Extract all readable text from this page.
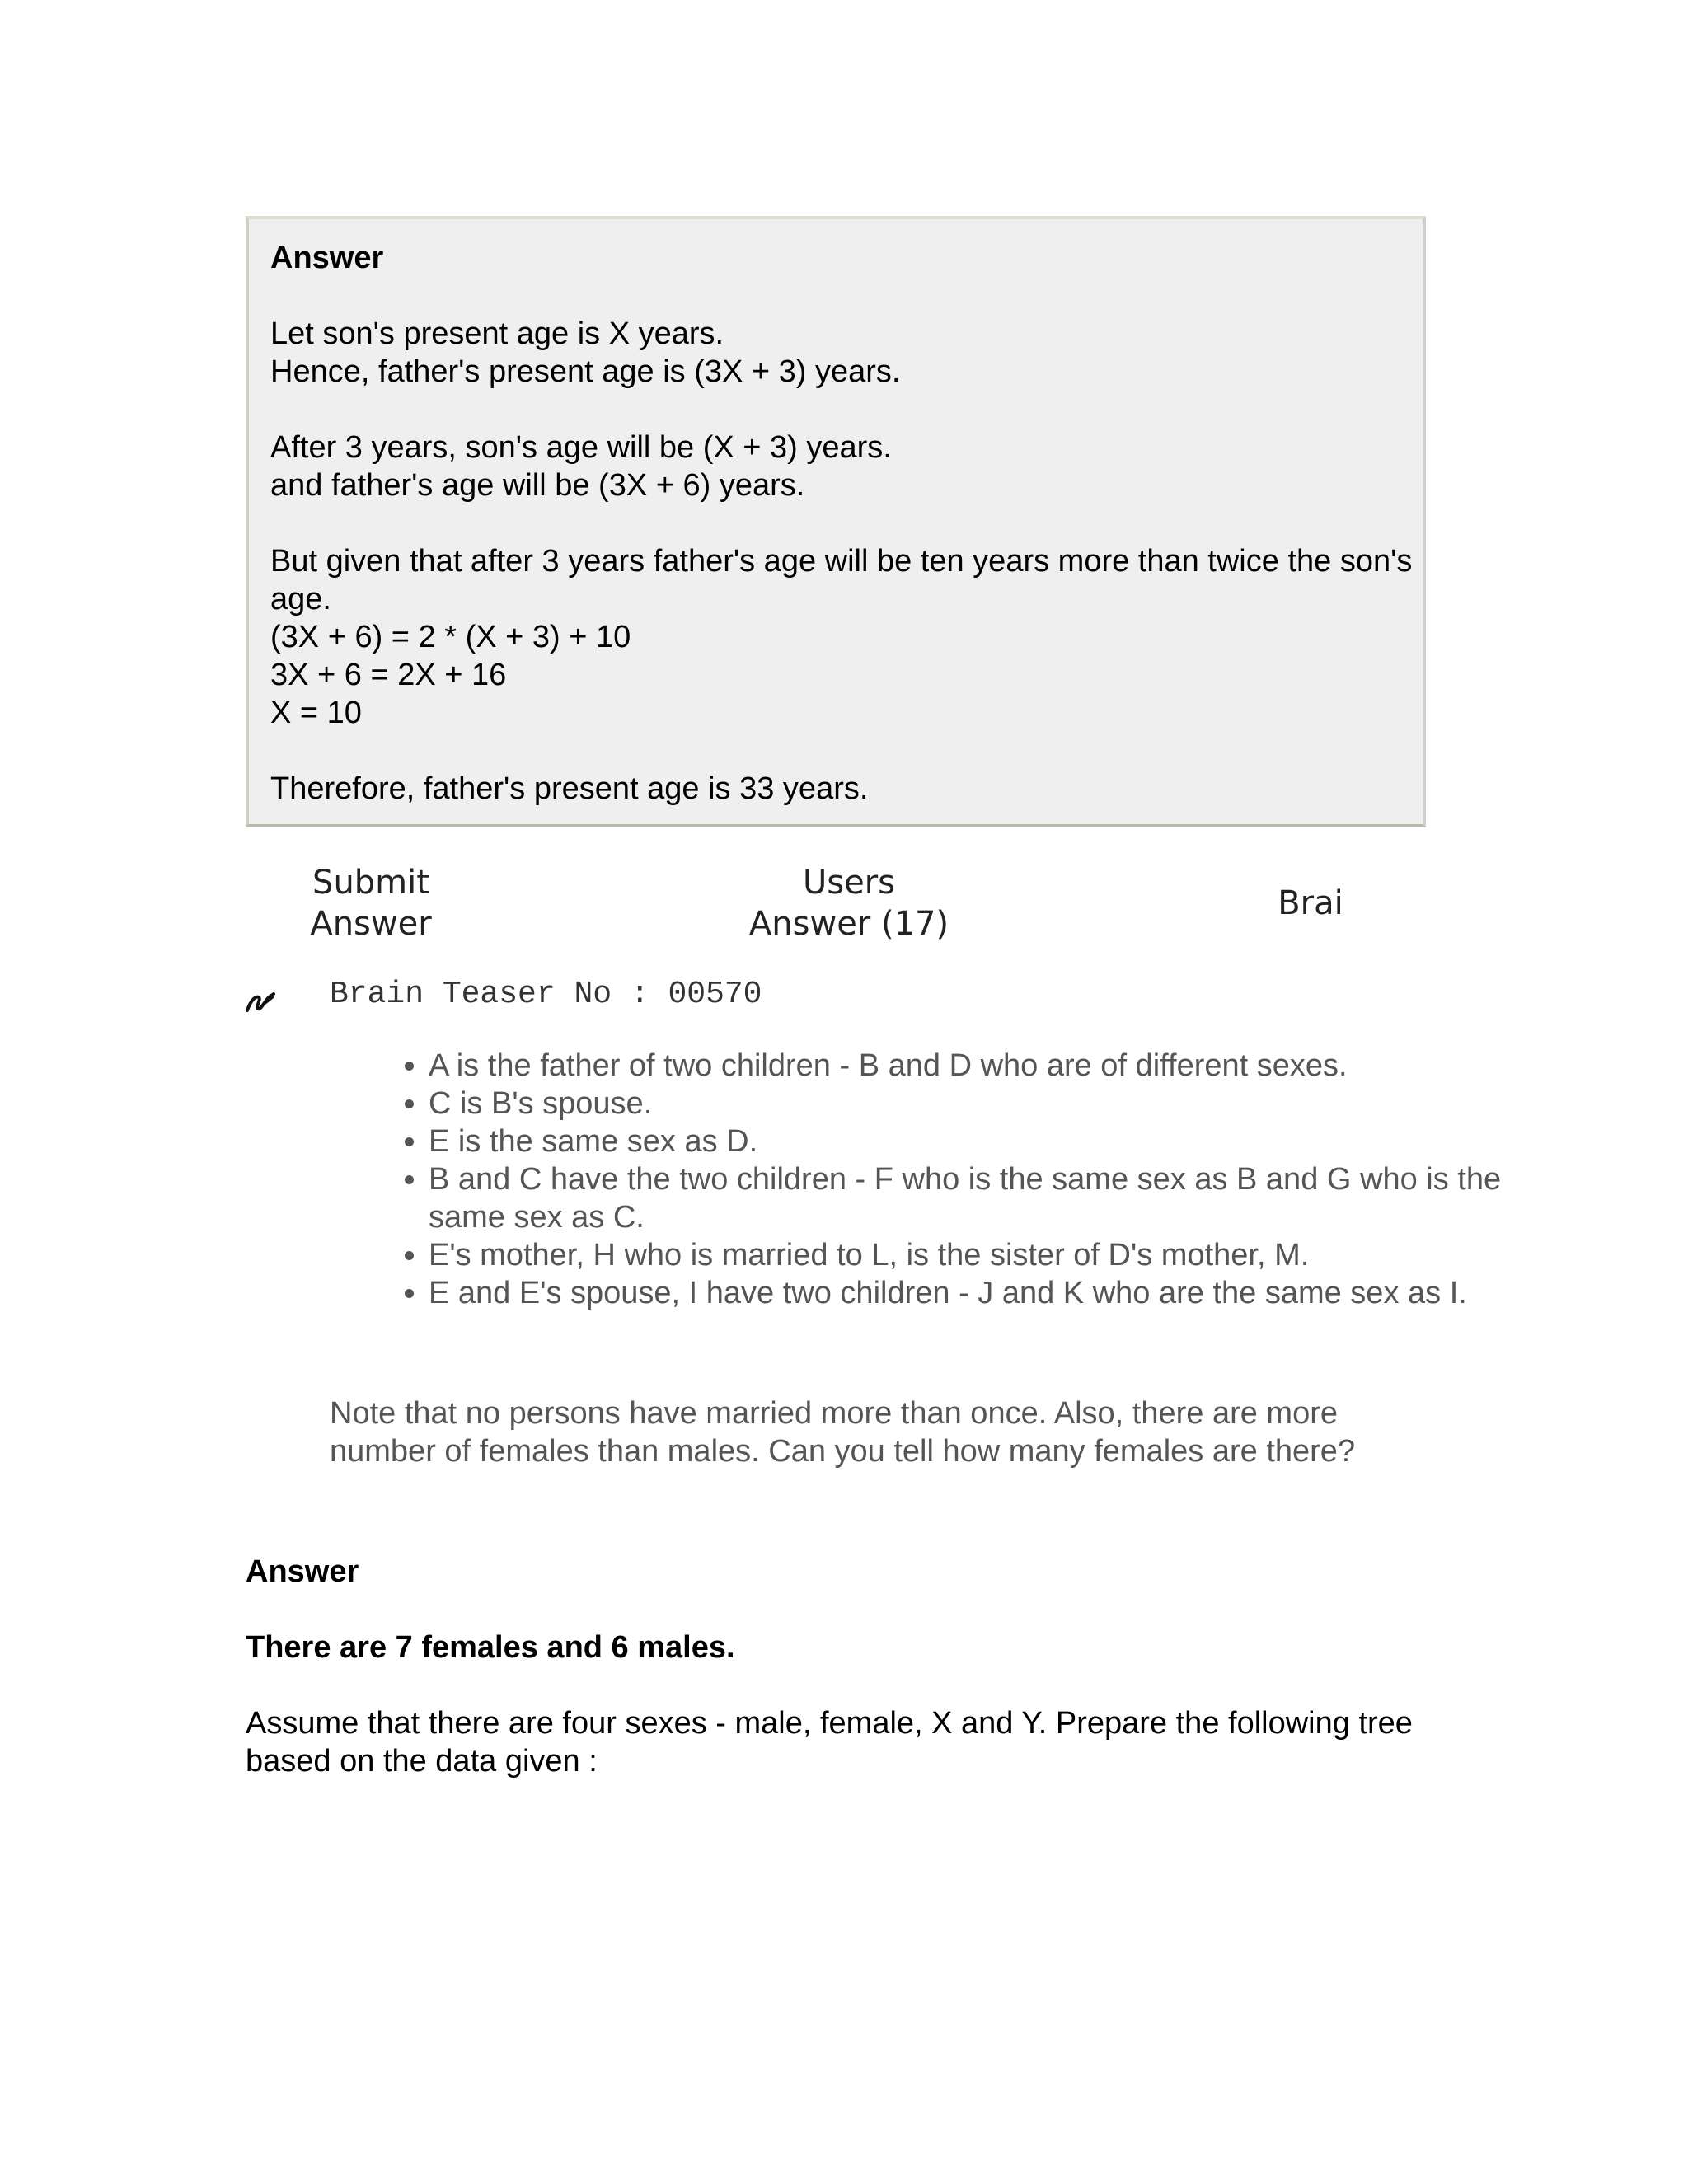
Answer

Let son's present age is X years.

Hence, father's present age is (3X + 3) years.

After 3 years, son's age will be (X + 3) years.

and father's age will be (3X + 6) years.

But given that after 3 years father's age will be ten years more than twice the son's age.

(3X + 6) = 2 * (X + 3) + 10

3X + 6 = 2X + 16

X = 10

Therefore, father's present age is 33 years.

Submit
Answer
Users
Answer (17)
Brai
Brain Teaser No : 00570
• A is the father of two children - B and D who are of different sexes.
• C is B's spouse.
• E is the same sex as D.
• B and C have the two children - F who is the same sex as B and G who is the same sex as C.
• E's mother, H who is married to L, is the sister of D's mother, M.
• E and E's spouse, I have two children - J and K who are the same sex as I.

Note that no persons have married more than once. Also, there are more number of females than males. Can you tell how many females are there?

Answer

There are 7 females and 6 males.

Assume that there are four sexes - male, female, X and Y. Prepare the following tree based on the data given :
